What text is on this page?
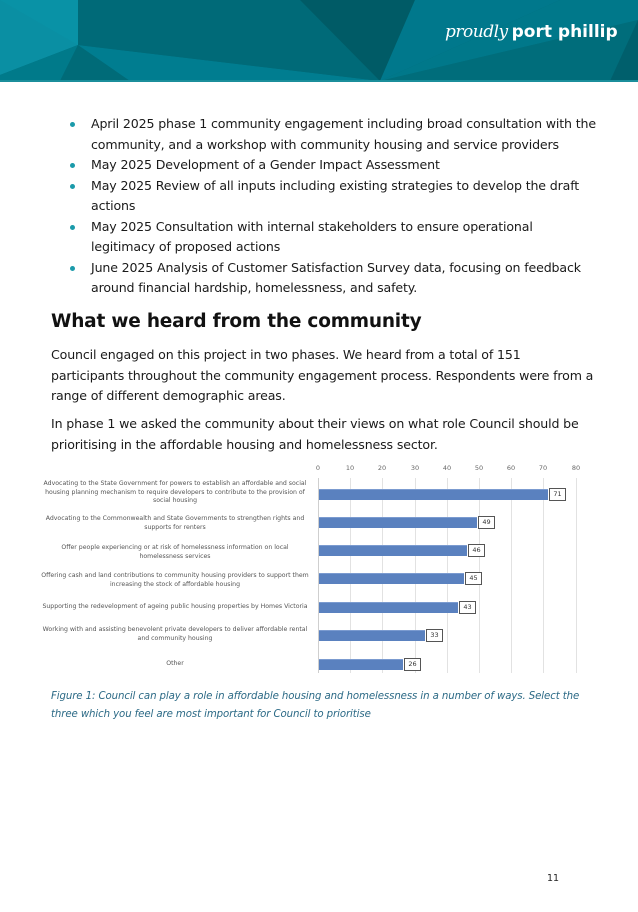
proudly port phillip
April 2025 phase 1 community engagement including broad consultation with the community, and a workshop with community housing and service providers
May 2025 Development of a Gender Impact Assessment
May 2025 Review of all inputs including existing strategies to develop the draft actions
May 2025 Consultation with internal stakeholders to ensure operational legitimacy of proposed actions
June 2025 Analysis of Customer Satisfaction Survey data, focusing on feedback around financial hardship, homelessness, and safety.
What we heard from the community

Council engaged on this project in two phases. We heard from a total of 151 participants throughout the community engagement process. Respondents were from a range of different demographic areas.

In phase 1 we asked the community about their views on what role Council should be prioritising in the affordable housing and homelessness sector.

0	10	20	30	40	50	60	70	80
Advocating to the State Government for powers to establish an affordable and social housing planning mechanism to require developers to contribute to the provision of social housing
Advocating to the Commonwealth and State Governments to strengthen rights and supports for renters
Offer people experiencing or at risk of homelessness information on local homelessness services
Offering cash and land contributions to community housing providers to support them increasing the stock of affordable housing
Supporting the redevelopment of ageing public housing properties by Homes Victoria
Working with and assisting benevolent private developers to deliver affordable rental and community housing
Other
71
49
46
45
43
33
26

Figure 1: Council can play a role in affordable housing and homelessness in a number of ways. Select the three which you feel are most important for Council to prioritise

11
